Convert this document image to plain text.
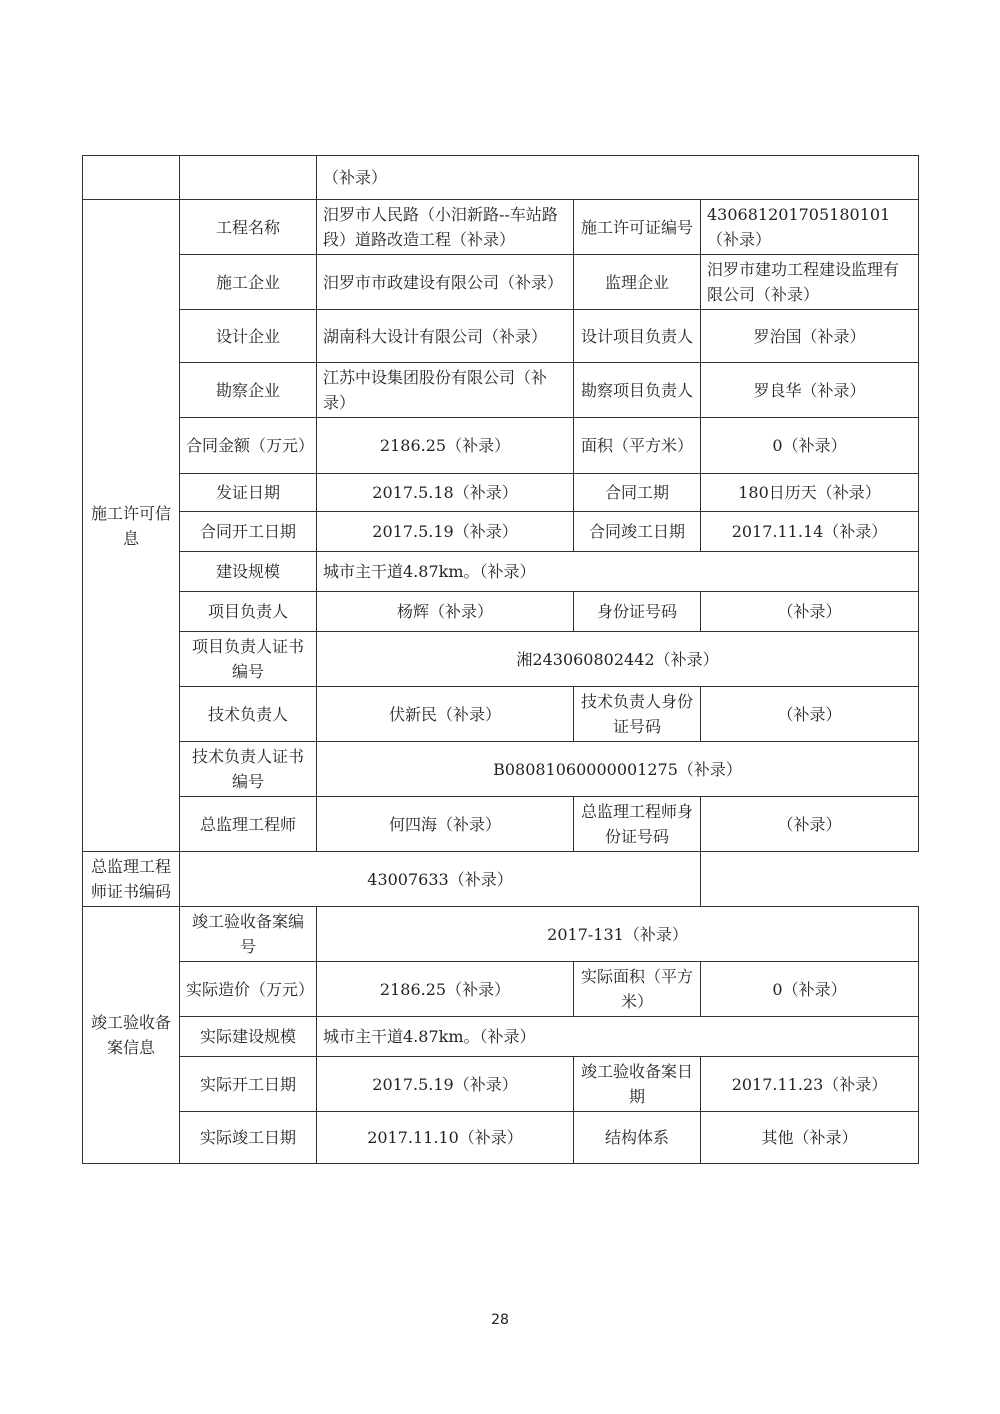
		（补录）		
施工许可信息	工程名称	汨罗市人民路（小汨新路--车站路段）道路改造工程（补录）	施工许可证编号	430681201705180101（补录）
	施工企业	汨罗市市政建设有限公司（补录）	监理企业	汨罗市建功工程建设监理有限公司（补录）
	设计企业	湖南科大设计有限公司（补录）	设计项目负责人	罗治国（补录）
	勘察企业	江苏中设集团股份有限公司（补录）	勘察项目负责人	罗良华（补录）
	合同金额（万元）	2186.25（补录）	面积（平方米）	0（补录）
	发证日期	2017.5.18（补录）	合同工期	180日历天（补录）
	合同开工日期	2017.5.19（补录）	合同竣工日期	2017.11.14（补录）
	建设规模	城市主干道4.87km。（补录）		
	项目负责人	杨辉（补录）	身份证号码	（补录）
	项目负责人证书编号	湘243060802442（补录）		
	技术负责人	伏新民（补录）	技术负责人身份证号码	（补录）
	技术负责人证书编号	B08081060000001275（补录）		
	总监理工程师	何四海（补录）	总监理工程师身份证号码	（补录）
总监理工程师证书编码	43007633（补录）			
竣工验收备案信息	竣工验收备案编号	2017-131（补录）		
	实际造价（万元）	2186.25（补录）	实际面积（平方米）	0（补录）
	实际建设规模	城市主干道4.87km。（补录）		
	实际开工日期	2017.5.19（补录）	竣工验收备案日期	2017.11.23（补录）
	实际竣工日期	2017.11.10（补录）	结构体系	其他（补录）
28
